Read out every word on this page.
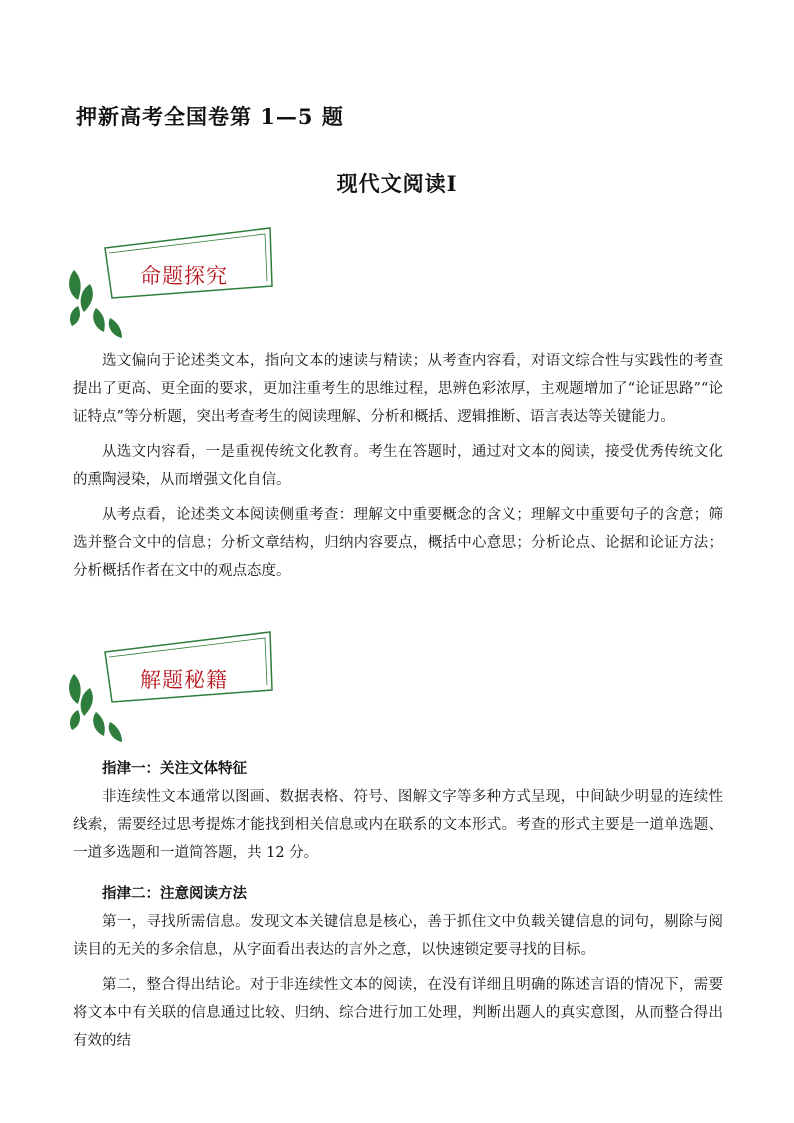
押新高考全国卷第 1—5 题
现代文阅读Ⅰ
命题探究

选文偏向于论述类文本，指向文本的速读与精读；从考查内容看，对语文综合性与实践性的考查提出了更高、更全面的要求，更加注重考生的思维过程，思辨色彩浓厚，主观题增加了“论证思路”“论证特点”等分析题，突出考查考生的阅读理解、分析和概括、逻辑推断、语言表达等关键能力。

从选文内容看，一是重视传统文化教育。考生在答题时，通过对文本的阅读，接受优秀传统文化的熏陶浸染，从而增强文化自信。

从考点看，论述类文本阅读侧重考查：理解文中重要概念的含义；理解文中重要句子的含意；筛选并整合文中的信息；分析文章结构，归纳内容要点，概括中心意思；分析论点、论据和论证方法；分析概括作者在文中的观点态度。

解题秘籍

指津一：关注文体特征

非连续性文本通常以图画、数据表格、符号、图解文字等多种方式呈现，中间缺少明显的连续性线索，需要经过思考提炼才能找到相关信息或内在联系的文本形式。考查的形式主要是一道单选题、一道多选题和一道简答题，共 12 分。

指津二：注意阅读方法

第一，寻找所需信息。发现文本关键信息是核心，善于抓住文中负载关键信息的词句，剔除与阅读目的无关的多余信息，从字面看出表达的言外之意，以快速锁定要寻找的目标。

第二，整合得出结论。对于非连续性文本的阅读，在没有详细且明确的陈述言语的情况下，需要将文本中有关联的信息通过比较、归纳、综合进行加工处理，判断出题人的真实意图，从而整合得出有效的结
